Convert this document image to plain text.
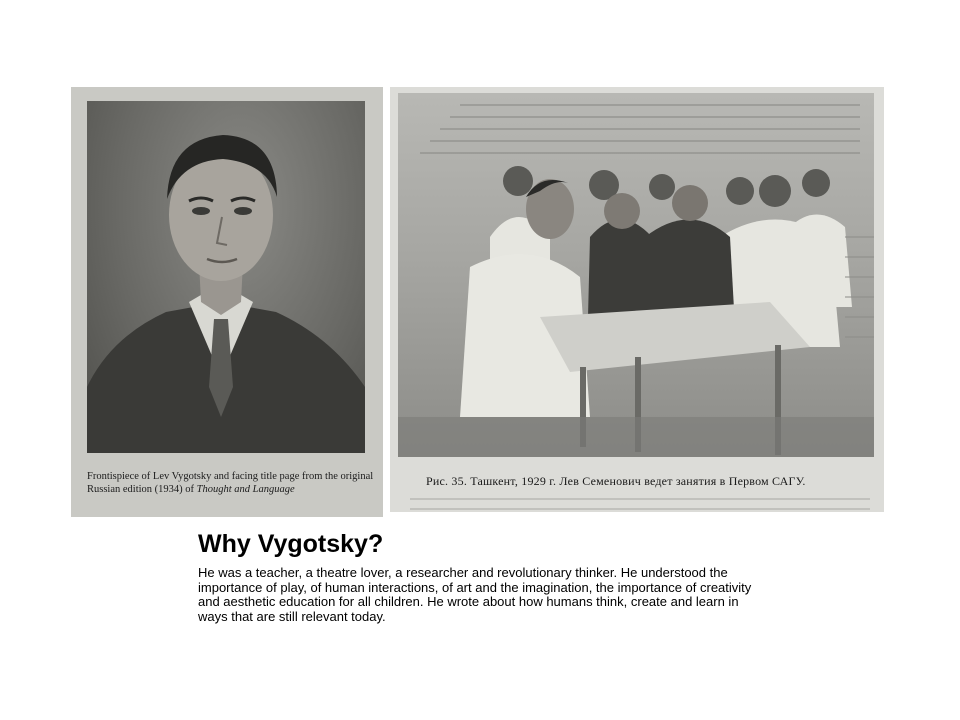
Frontispiece of Lev Vygotsky and facing title page from the original Russian edition (1934) of Thought and Language
Рис. 35. Ташкент, 1929 г. Лев Семенович ведет занятия в Первом САГУ.
Why Vygotsky?
He was a teacher, a theatre lover, a researcher and revolutionary thinker. He understood the importance of play, of human interactions, of art and the imagination, the importance of creativity and aesthetic education for all children. He wrote about how humans think, create and learn in ways that are still relevant today.
